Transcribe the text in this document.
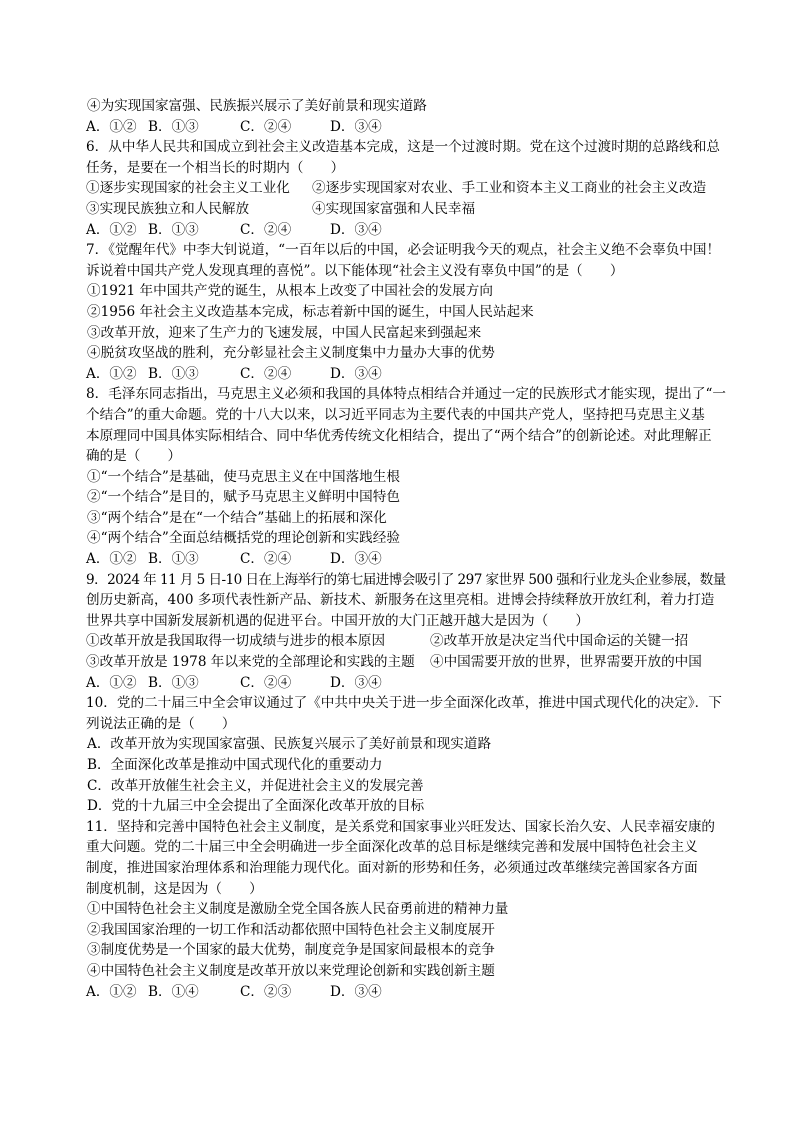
④为实现国家富强、民族振兴展示了美好前景和现实道路
A．①② B．①③	C．②④	D．③④
6．从中华人民共和国成立到社会主义改造基本完成，这是一个过渡时期。党在这个过渡时期的总路线和总
任务，是要在一个相当长的时期内（　　）
①逐步实现国家的社会主义工业化 ②逐步实现国家对农业、手工业和资本主义工商业的社会主义改造
③实现民族独立和人民解放	④实现国家富强和人民幸福
A．①② B．①③	C．②④	D．③④
7．《觉醒年代》中李大钊说道，“一百年以后的中国，必会证明我今天的观点，社会主义绝不会辜负中国！
诉说着中国共产党人发现真理的喜悦”。以下能体现“社会主义没有辜负中国”的是（　　）
①1921 年中国共产党的诞生，从根本上改变了中国社会的发展方向
②1956 年社会主义改造基本完成，标志着新中国的诞生，中国人民站起来
③改革开放，迎来了生产力的飞速发展，中国人民富起来到强起来
④脱贫攻坚战的胜利，充分彰显社会主义制度集中力量办大事的优势
A．①② B．①③	C．②④	D．③④
8．毛泽东同志指出，马克思主义必须和我国的具体特点相结合并通过一定的民族形式才能实现，提出了“一
个结合”的重大命题。党的十八大以来，以习近平同志为主要代表的中国共产党人，坚持把马克思主义基
本原理同中国具体实际相结合、同中华优秀传统文化相结合，提出了“两个结合”的创新论述。对此理解正
确的是（　　）
①“一个结合”是基础，使马克思主义在中国落地生根
②“一个结合”是目的，赋予马克思主义鲜明中国特色
③“两个结合”是在“一个结合”基础上的拓展和深化
④“两个结合”全面总结概括党的理论创新和实践经验
A．①② B．①③	C．②④	D．③④
9．2024 年 11 月 5 日-10 日在上海举行的第七届进博会吸引了 297 家世界 500 强和行业龙头企业参展，数量
创历史新高，400 多项代表性新产品、新技术、新服务在这里亮相。进博会持续释放开放红利，着力打造
世界共享中国新发展新机遇的促进平台。中国开放的大门正越开越大是因为（　　）
①改革开放是我国取得一切成绩与进步的根本原因	②改革开放是决定当代中国命运的关键一招
③改革开放是 1978 年以来党的全部理论和实践的主题 ④中国需要开放的世界，世界需要开放的中国
A．①② B．①③	C．②④	D．③④
10．党的二十届三中全会审议通过了《中共中央关于进一步全面深化改革，推进中国式现代化的决定》．下
列说法正确的是（　　）
A．改革开放为实现国家富强、民族复兴展示了美好前景和现实道路
B．全面深化改革是推动中国式现代化的重要动力
C．改革开放催生社会主义，并促进社会主义的发展完善
D．党的十九届三中全会提出了全面深化改革开放的目标
11．坚持和完善中国特色社会主义制度，是关系党和国家事业兴旺发达、国家长治久安、人民幸福安康的
重大问题。党的二十届三中全会明确进一步全面深化改革的总目标是继续完善和发展中国特色社会主义
制度，推进国家治理体系和治理能力现代化。面对新的形势和任务，必须通过改革继续完善国家各方面
制度机制，这是因为（　　）
①中国特色社会主义制度是激励全党全国各族人民奋勇前进的精神力量
②我国国家治理的一切工作和活动都依照中国特色社会主义制度展开
③制度优势是一个国家的最大优势，制度竞争是国家间最根本的竞争
④中国特色社会主义制度是改革开放以来党理论创新和实践创新主题
A．①② B．①④	C．②③	D．③④
